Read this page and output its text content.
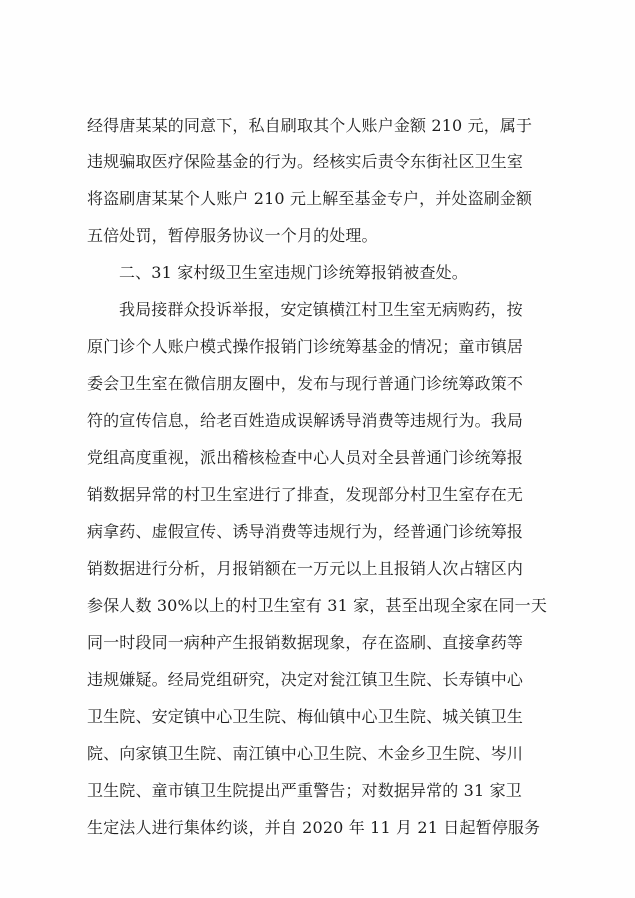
经得唐某某的同意下，私自刷取其个人账户金额 210 元，属于
违规骗取医疗保险基金的行为。经核实后责令东街社区卫生室
将盗刷唐某某个人账户 210 元上解至基金专户，并处盗刷金额
五倍处罚，暂停服务协议一个月的处理。
二、31 家村级卫生室违规门诊统筹报销被查处。
我局接群众投诉举报，安定镇横江村卫生室无病购药，按
原门诊个人账户模式操作报销门诊统筹基金的情况；童市镇居
委会卫生室在微信朋友圈中，发布与现行普通门诊统筹政策不
符的宣传信息，给老百姓造成误解诱导消费等违规行为。我局
党组高度重视，派出稽核检查中心人员对全县普通门诊统筹报
销数据异常的村卫生室进行了排查，发现部分村卫生室存在无
病拿药、虚假宣传、诱导消费等违规行为，经普通门诊统筹报
销数据进行分析，月报销额在一万元以上且报销人次占辖区内
参保人数 30%以上的村卫生室有 31 家，甚至出现全家在同一天
同一时段同一病种产生报销数据现象，存在盗刷、直接拿药等
违规嫌疑。经局党组研究，决定对瓮江镇卫生院、长寿镇中心
卫生院、安定镇中心卫生院、梅仙镇中心卫生院、城关镇卫生
院、向家镇卫生院、南江镇中心卫生院、木金乡卫生院、岑川
卫生院、童市镇卫生院提出严重警告；对数据异常的 31 家卫
生定法人进行集体约谈，并自 2020 年 11 月 21 日起暂停服务
